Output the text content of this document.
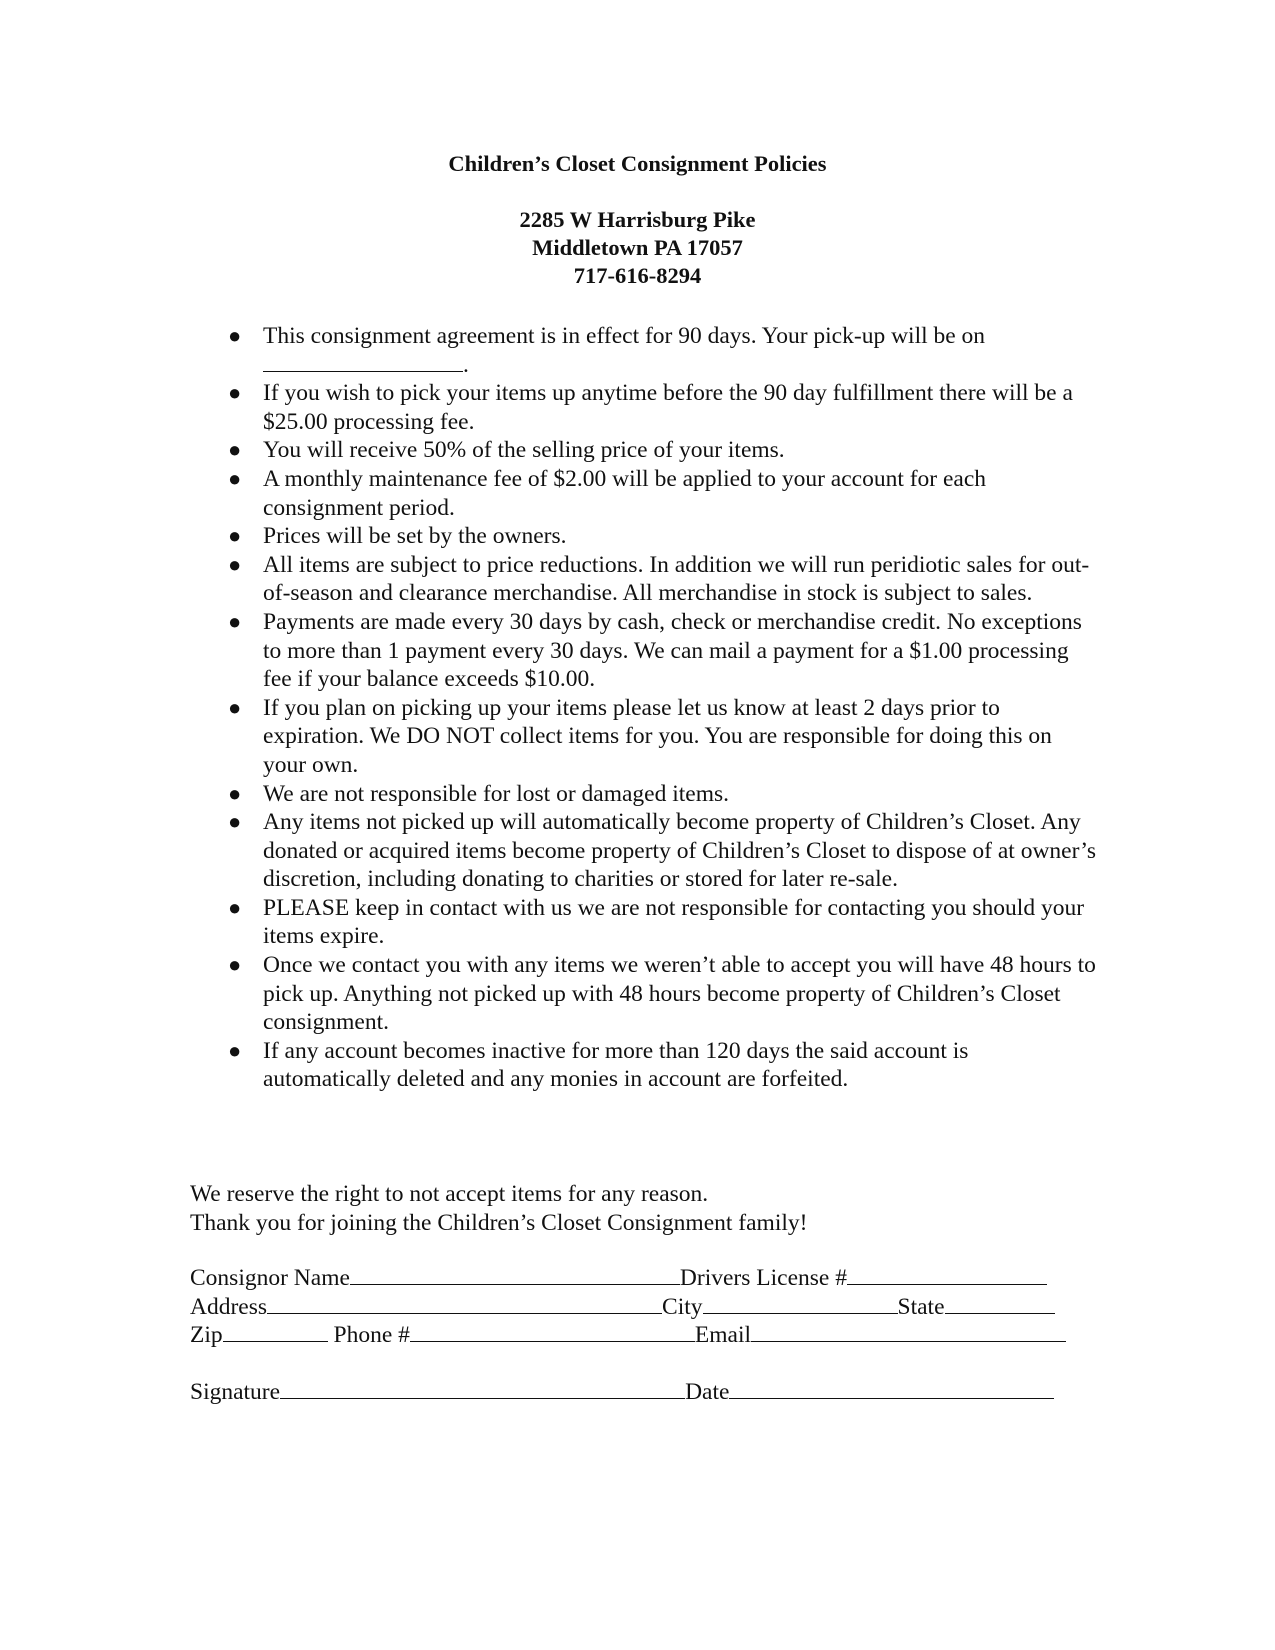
Children’s Closet Consignment Policies
2285 W Harrisburg Pike
Middletown PA 17057
717-616-8294
● This consignment agreement is in effect for 90 days. Your pick-up will be on
.
● If you wish to pick your items up anytime before the 90 day fulfillment there will be a $25.00 processing fee.
● You will receive 50% of the selling price of your items.
● A monthly maintenance fee of $2.00 will be applied to your account for each consignment period.
● Prices will be set by the owners.
● All items are subject to price reductions. In addition we will run peridiotic sales for out-of-season and clearance merchandise. All merchandise in stock is subject to sales.
● Payments are made every 30 days by cash, check or merchandise credit. No exceptions to more than 1 payment every 30 days. We can mail a payment for a $1.00 processing fee if your balance exceeds $10.00.
● If you plan on picking up your items please let us know at least 2 days prior to expiration. We DO NOT collect items for you. You are responsible for doing this on your own.
● We are not responsible for lost or damaged items.
● Any items not picked up will automatically become property of Children’s Closet. Any donated or acquired items become property of Children’s Closet to dispose of at owner’s discretion, including donating to charities or stored for later re-sale.
● PLEASE keep in contact with us we are not responsible for contacting you should your items expire.
● Once we contact you with any items we weren’t able to accept you will have 48 hours to pick up. Anything not picked up with 48 hours become property of Children’s Closet consignment.
● If any account becomes inactive for more than 120 days the said account is automatically deleted and any monies in account are forfeited.
We reserve the right to not accept items for any reason.
Thank you for joining the Children’s Closet Consignment family!
Consignor Name	Drivers License #
Address	City	State
Zip	Phone #	Email
Signature	Date
